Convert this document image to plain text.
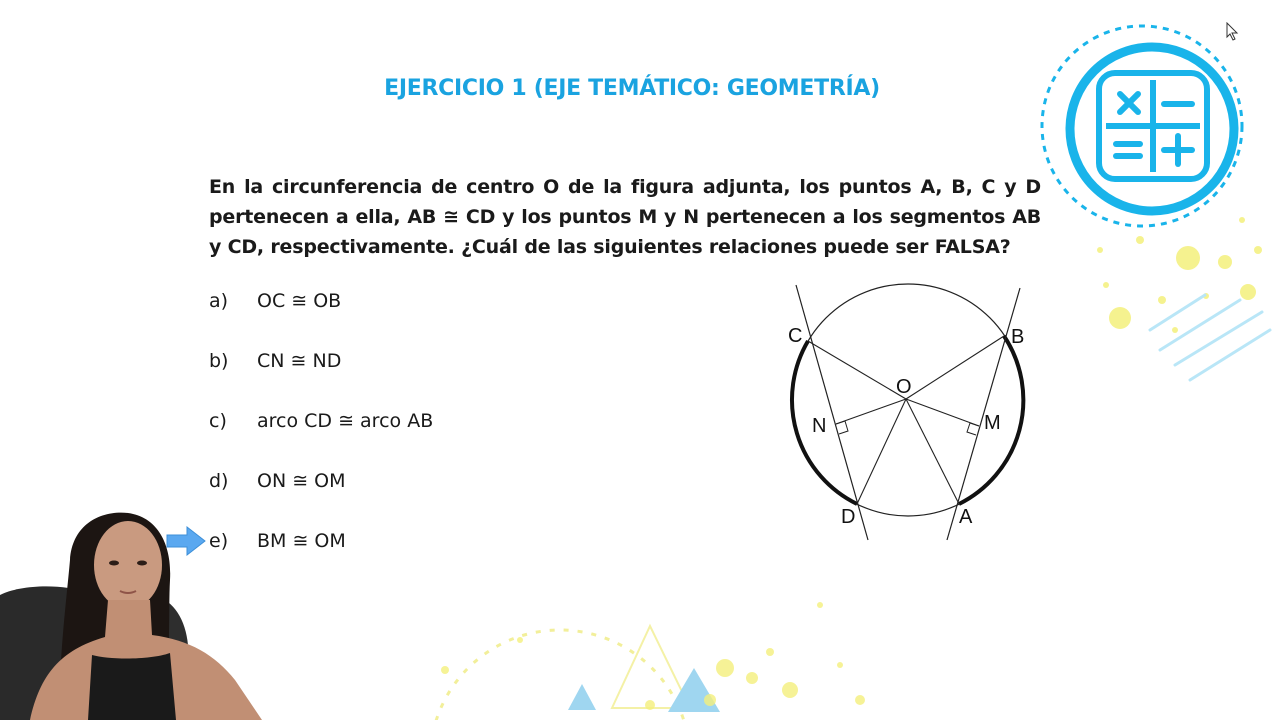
EJERCICIO 1 (EJE TEMÁTICO: GEOMETRÍA)
En la circunferencia de centro O de la figura adjunta, los puntos A, B, C y D pertenecen a ella, AB ≅ CD y los puntos M y N pertenecen a los segmentos AB y CD, respectivamente. ¿Cuál de las siguientes relaciones puede ser FALSA?
a) OC ≅ OB
b) CN ≅ ND
c) arco CD ≅ arco AB
d) ON ≅ OM
e) BM ≅ OM
C	B
O
N	M
D	A
